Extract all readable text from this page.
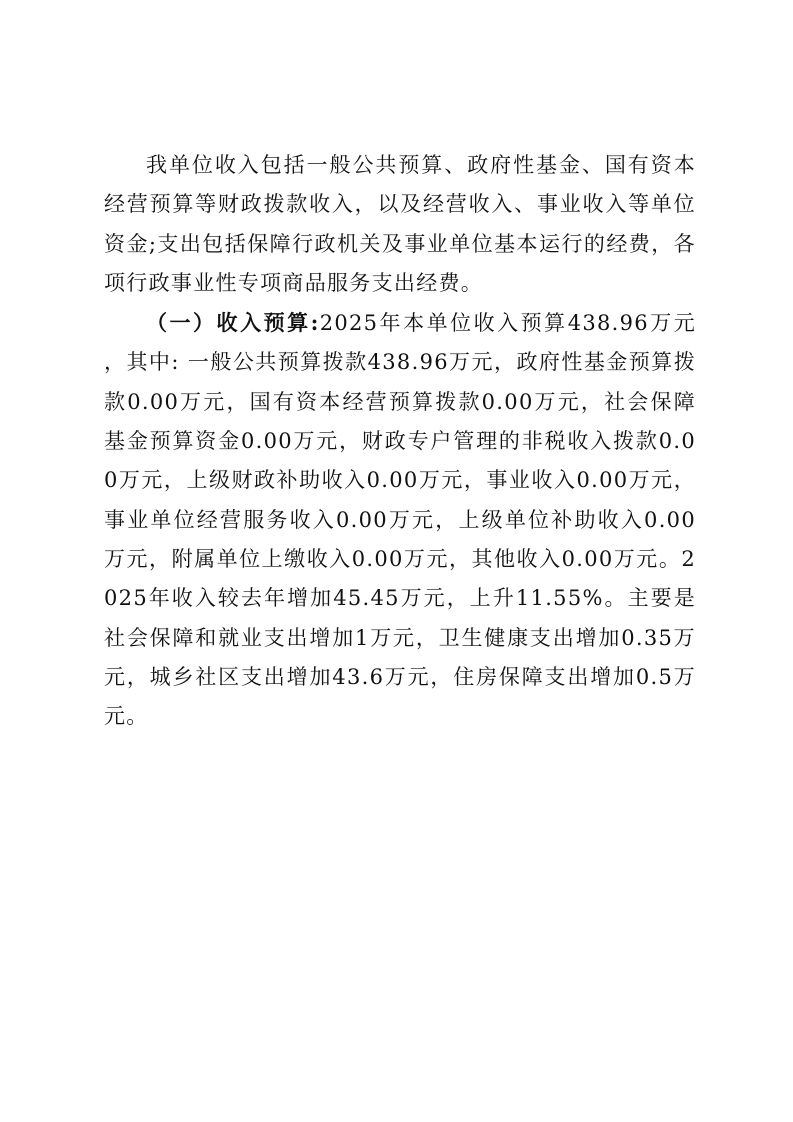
我单位收入包括一般公共预算、政府性基金、国有资本经营预算等财政拨款收入，以及经营收入、事业收入等单位资金;支出包括保障行政机关及事业单位基本运行的经费，各项行政事业性专项商品服务支出经费。

（一）收入预算:2025年本单位收入预算438.96万元，其中: 一般公共预算拨款438.96万元，政府性基金预算拨款0.00万元，国有资本经营预算拨款0.00万元，社会保障基金预算资金0.00万元，财政专户管理的非税收入拨款0.00万元，上级财政补助收入0.00万元，事业收入0.00万元，事业单位经营服务收入0.00万元，上级单位补助收入0.00万元，附属单位上缴收入0.00万元，其他收入0.00万元。2025年收入较去年增加45.45万元，上升11.55%。主要是社会保障和就业支出增加1万元，卫生健康支出增加0.35万元，城乡社区支出增加43.6万元，住房保障支出增加0.5万元。
